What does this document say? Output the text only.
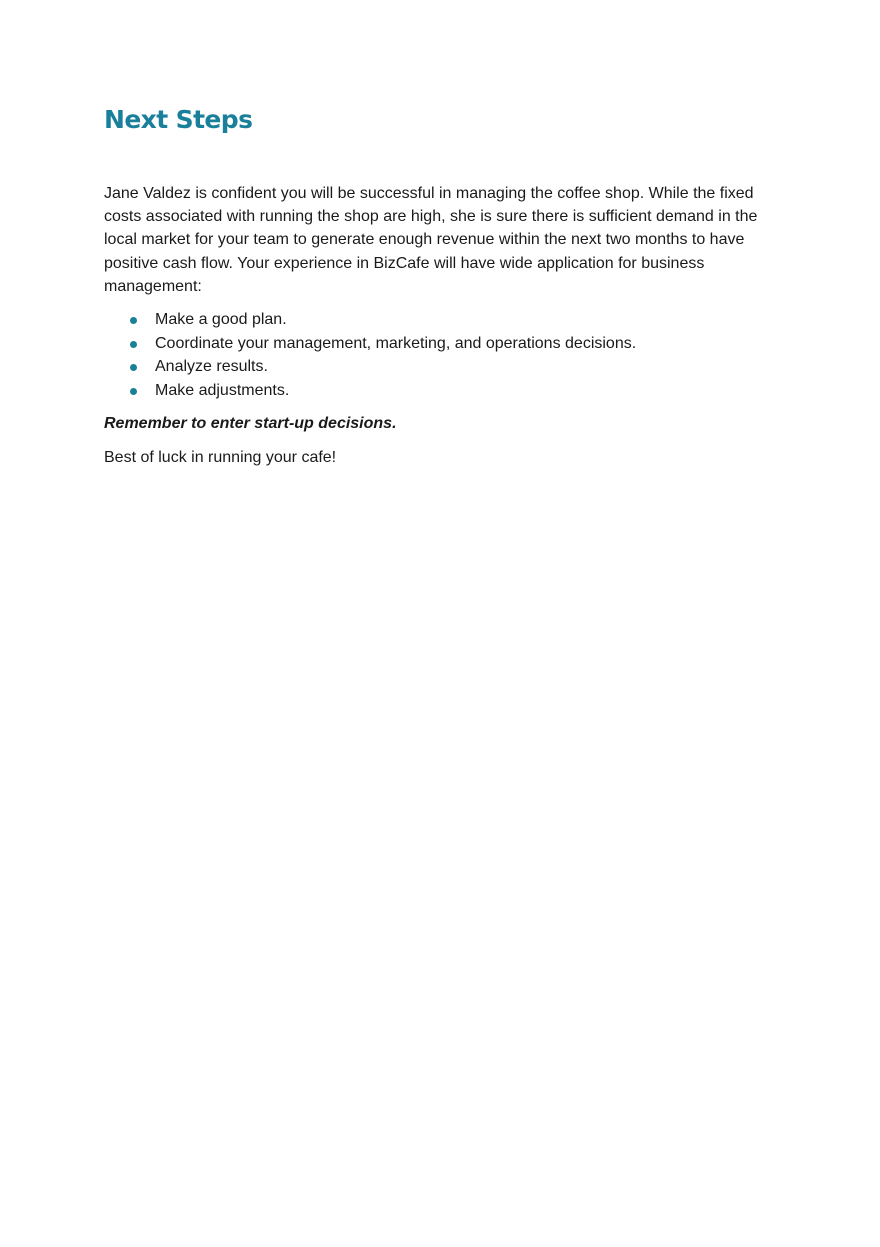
Next Steps

Jane Valdez is confident you will be successful in managing the coffee shop. While the fixed costs associated with running the shop are high, she is sure there is sufficient demand in the local market for your team to generate enough revenue within the next two months to have positive cash flow. Your experience in BizCafe will have wide application for business management:

Make a good plan.
Coordinate your management, marketing, and operations decisions.
Analyze results.
Make adjustments.

Remember to enter start-up decisions.

Best of luck in running your cafe!
